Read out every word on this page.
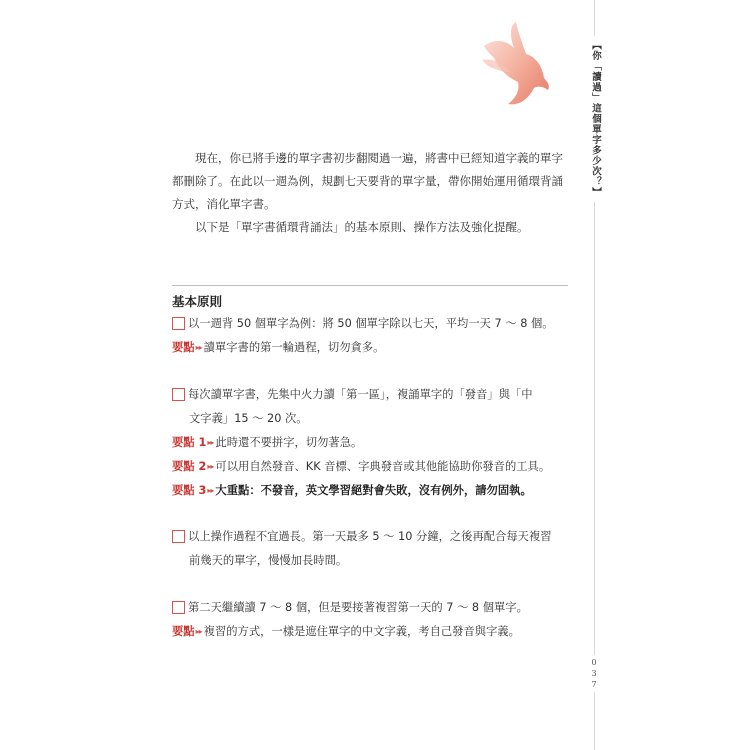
【你「讀過」這個單字多少次？】
0
3
7

現在，你已將手邊的單字書初步翻閱過一遍，將書中已經知道字義的單字都刪除了。在此以一週為例，規劃七天要背的單字量，帶你開始運用循環背誦方式，消化單字書。

以下是「單字書循環背誦法」的基本原則、操作方法及強化提醒。

基本原則
以一週背 50 個單字為例：將 50 個單字除以七天，平均一天 7 ～ 8 個。
要點 ▸▸ 讀單字書的第一輪過程，切勿貪多。
每次讀單字書，先集中火力讀「第一區」，複誦單字的「發音」與「中
文字義」15 ～ 20 次。
要點 1 ▸▸ 此時還不要拼字，切勿著急。
要點 2 ▸▸ 可以用自然發音、KK 音標、字典發音或其他能協助你發音的工具。
要點 3 ▸▸ 大重點：不發音，英文學習絕對會失敗，沒有例外，請勿固執。
以上操作過程不宜過長。第一天最多 5 ～ 10 分鐘，之後再配合每天複習
前幾天的單字，慢慢加長時間。
第二天繼續讀 7 ～ 8 個，但是要接著複習第一天的 7 ～ 8 個單字。
要點 ▸▸ 複習的方式，一樣是遮住單字的中文字義，考自己發音與字義。
